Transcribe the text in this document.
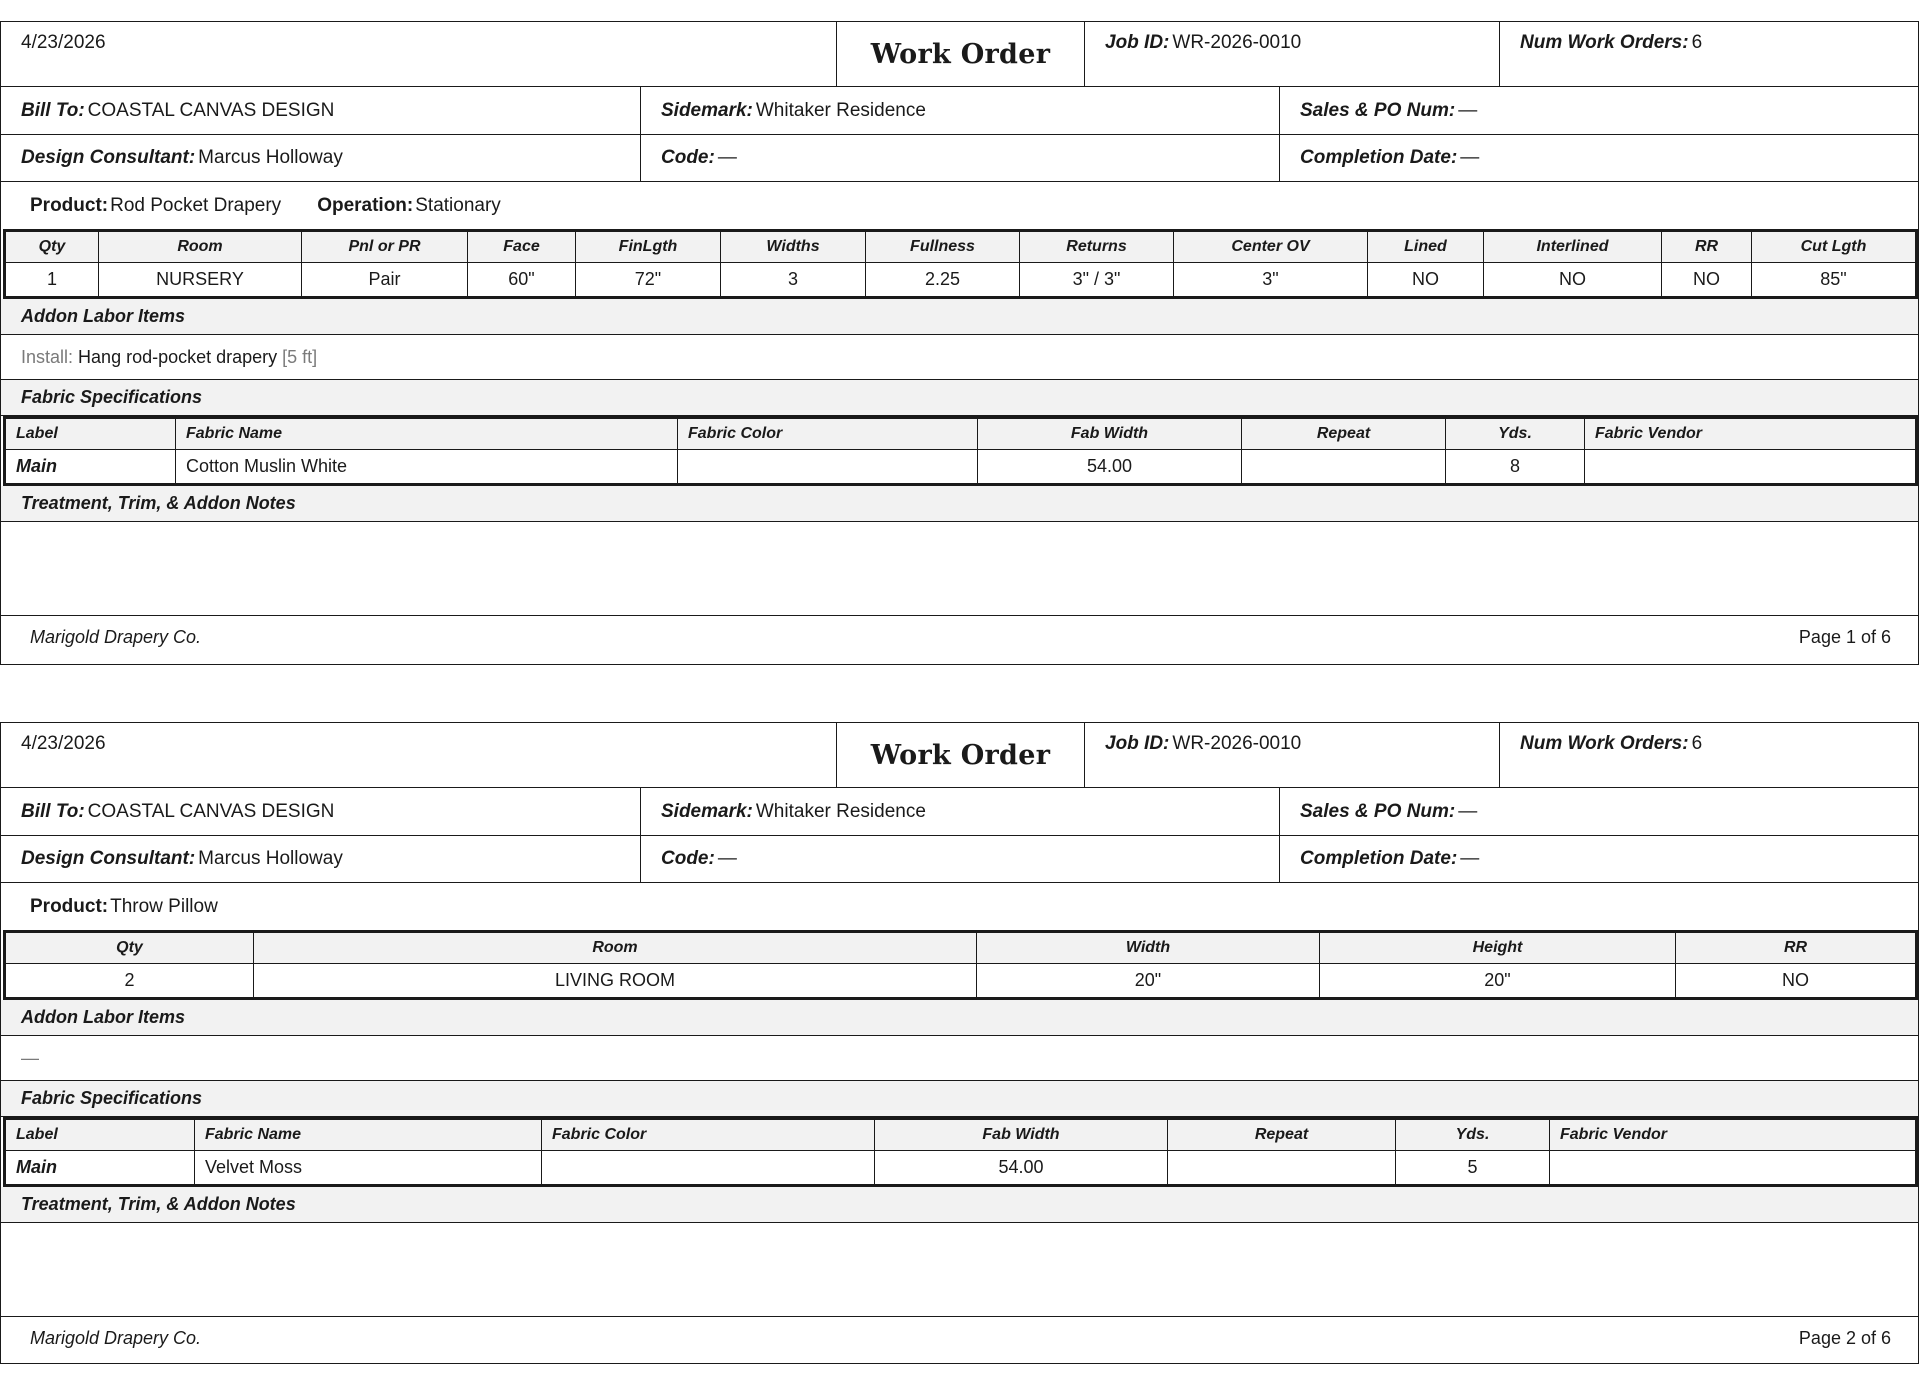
4/23/2026	Work Order	Job ID: WR-2026-0010	Num Work Orders: 6
Bill To: COASTAL CANVAS DESIGN	Sidemark: Whitaker Residence	Sales & PO Num: —
Design Consultant: Marcus Holloway	Code: —	Completion Date: —
Product: Rod Pocket Drapery Operation: Stationary
Qty	Room	Pnl or PR	Face	FinLgth	Widths	Fullness	Returns	Center OV	Lined	Interlined	RR	Cut Lgth
1	NURSERY	Pair	60"	72"	3	2.25	3" / 3"	3"	NO	NO	NO	85"
Addon Labor Items
Install:
Hang rod-pocket drapery
[5 ft]
Fabric Specifications
Label	Fabric Name	Fabric Color	Fab Width	Repeat	Yds.	Fabric Vendor
Main	Cotton Muslin White		54.00		8	
Treatment, Trim, & Addon Notes
Marigold Drapery Co.	Page 1 of 6
4/23/2026	Work Order	Job ID: WR-2026-0010	Num Work Orders: 6
Bill To: COASTAL CANVAS DESIGN	Sidemark: Whitaker Residence	Sales & PO Num: —
Design Consultant: Marcus Holloway	Code: —	Completion Date: —
Product: Throw Pillow
Qty	Room	Width	Height	RR
2	LIVING ROOM	20"	20"	NO
Addon Labor Items
—
Fabric Specifications
Label	Fabric Name	Fabric Color	Fab Width	Repeat	Yds.	Fabric Vendor
Main	Velvet Moss		54.00		5	
Treatment, Trim, & Addon Notes
Marigold Drapery Co.	Page 2 of 6
